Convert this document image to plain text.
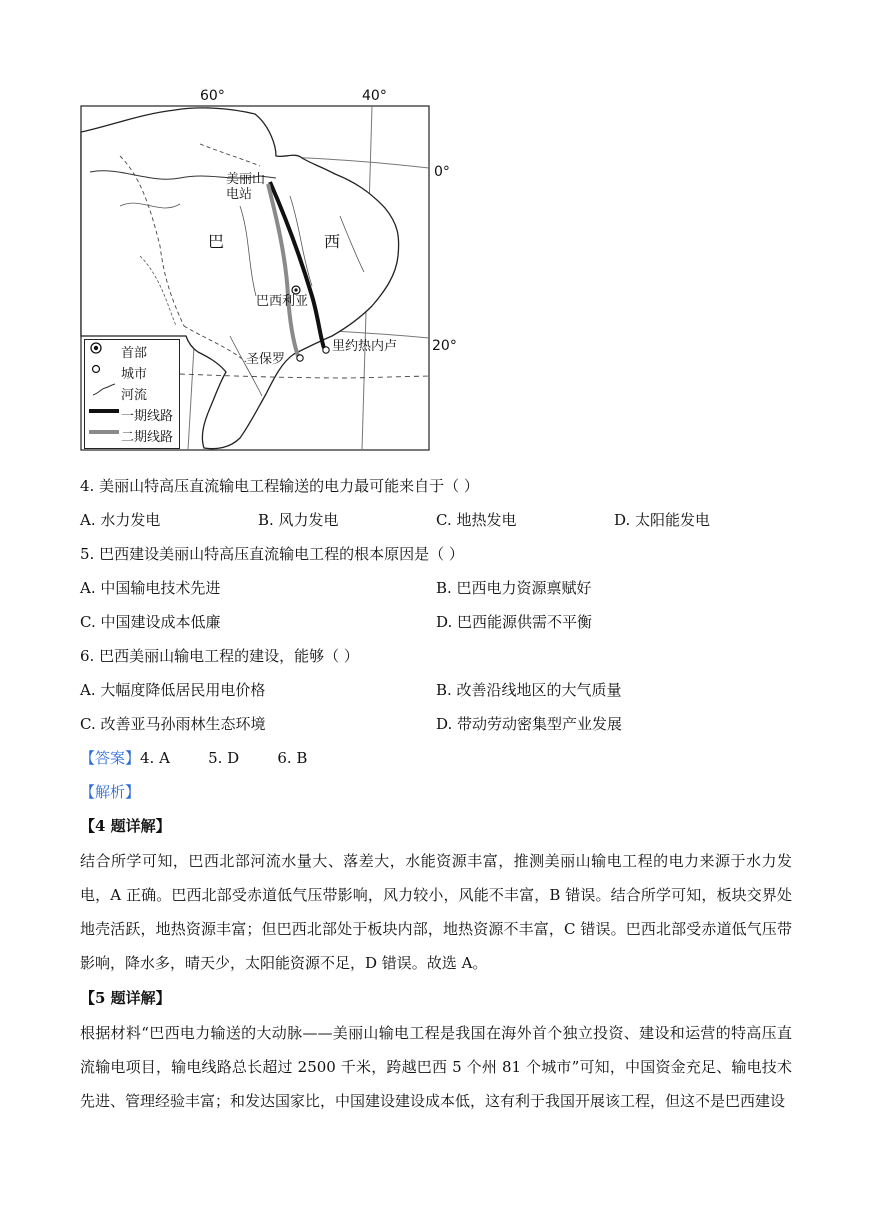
60°	40°
0°
20°
巴	西
美丽山
电站
巴西利亚
里约热内卢
圣保罗
首部
城市
河流
一期线路
二期线路
4. 美丽山特高压直流输电工程输送的电力最可能来自于（ ）
A. 水力发电	B. 风力发电	C. 地热发电	D. 太阳能发电
5. 巴西建设美丽山特高压直流输电工程的根本原因是（ ）
A. 中国输电技术先进	B. 巴西电力资源禀赋好
C. 中国建设成本低廉	D. 巴西能源供需不平衡
6. 巴西美丽山输电工程的建设，能够（ ）
A. 大幅度降低居民用电价格	B. 改善沿线地区的大气质量
C. 改善亚马孙雨林生态环境	D. 带动劳动密集型产业发展
【答案】4. A        5. D        6. B
【解析】
【4 题详解】
结合所学可知，巴西北部河流水量大、落差大，水能资源丰富，推测美丽山输电工程的电力来源于水力发电，A 正确。巴西北部受赤道低气压带影响，风力较小，风能不丰富，B 错误。结合所学可知，板块交界处地壳活跃，地热资源丰富；但巴西北部处于板块内部，地热资源不丰富，C 错误。巴西北部受赤道低气压带影响，降水多，晴天少，太阳能资源不足，D 错误。故选 A。
【5 题详解】
根据材料“巴西电力输送的大动脉——美丽山输电工程是我国在海外首个独立投资、建设和运营的特高压直流输电项目，输电线路总长超过 2500 千米，跨越巴西 5 个州 81 个城市”可知，中国资金充足、输电技术先进、管理经验丰富；和发达国家比，中国建设建设成本低，这有利于我国开展该工程，但这不是巴西建设
